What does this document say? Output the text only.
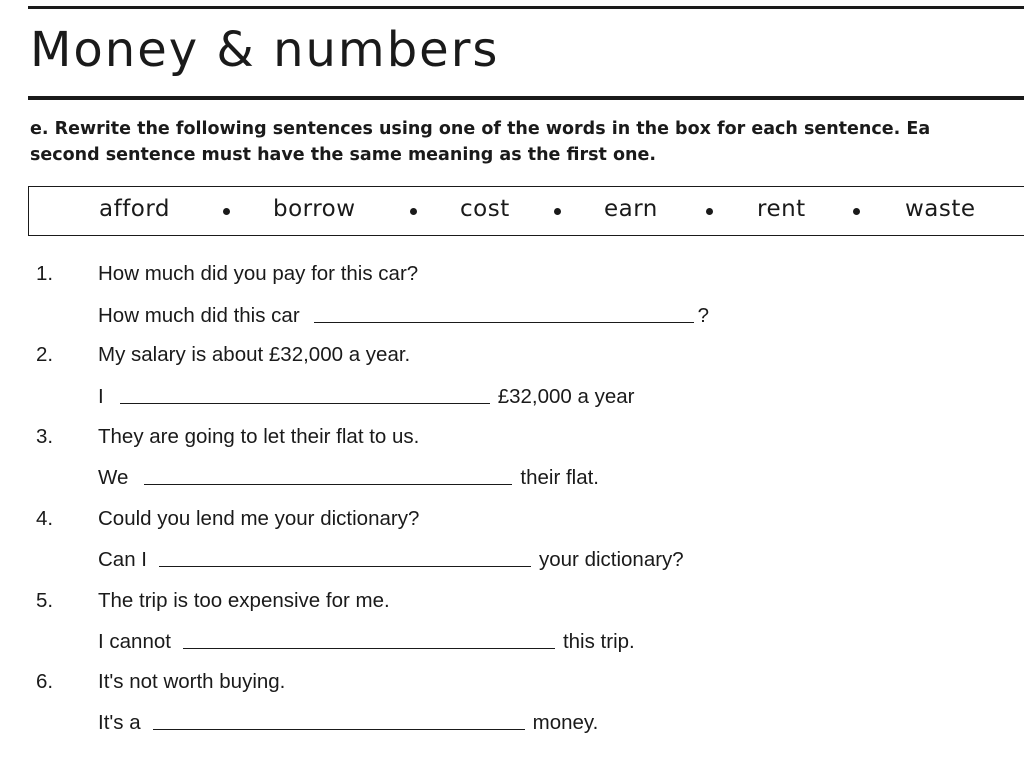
Money & numbers
e. Rewrite the following sentences using one of the words in the box for each sentence. Ea
second sentence must have the same meaning as the first one.
afford	borrow	cost	earn	rent	waste
1. How much did you pay for this car?
How much did this car	?
2. My salary is about £32,000 a year.
I	£32,000 a year
3. They are going to let their flat to us.
We	their flat.
4. Could you lend me your dictionary?
Can I	your dictionary?
5. The trip is too expensive for me.
I cannot	this trip.
6. It's not worth buying.
It's a	money.
